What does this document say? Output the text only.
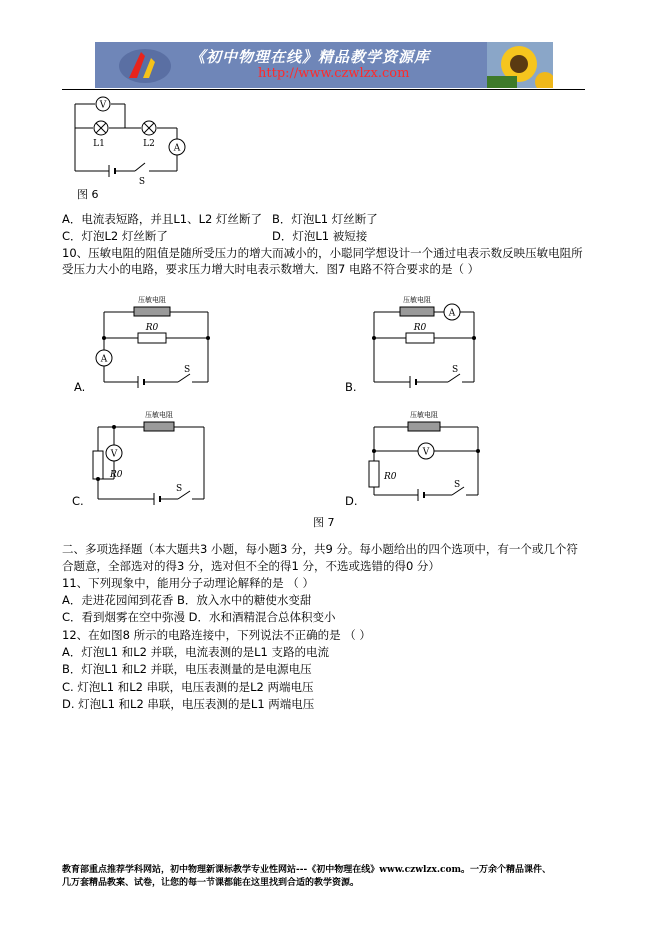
《初中物理在线》精品教学资源库
http://www.czwlzx.com
V
A
L1	L2
S
图 6
A．电流表短路，并且L1、L2 灯丝断了 B．灯泡L1 灯丝断了
C．灯泡L2 灯丝断了	D．灯泡L1 被短接
10、压敏电阻的阻值是随所受压力的增大而减小的，小聪同学想设计一个通过电表示数反映压敏电阻所
受压力大小的电路，要求压力增大时电表示数增大．图7 电路不符合要求的是（ ）
压敏电阻
R0
A
S
A.
压敏电阻
R0
A
S
B.
压敏电阻
R0
V
S
C.
压敏电阻
R0
V
S
D.
图 7
二、多项选择题（本大题共3 小题，每小题3 分，共9 分。每小题给出的四个选项中，有一个或几个符
合题意，全部选对的得3 分，选对但不全的得1 分，不选或选错的得0 分）
11、下列现象中，能用分子动理论解释的是 （ ）
A．走进花园闻到花香 B．放入水中的糖使水变甜
C．看到烟雾在空中弥漫 D．水和酒精混合总体积变小
12、在如图8 所示的电路连接中，下列说法不正确的是 （ ）
A．灯泡L1 和L2 并联，电流表测的是L1 支路的电流
B．灯泡L1 和L2 并联，电压表测量的是电源电压
C. 灯泡L1 和L2 串联，电压表测的是L2 两端电压
D. 灯泡L1 和L2 串联，电压表测的是L1 两端电压
教育部重点推荐学科网站，初中物理新课标教学专业性网站---《初中物理在线》www.czwlzx.com。一万余个精品课件、
几万套精品教案、试卷，让您的每一节课都能在这里找到合适的教学资源。
